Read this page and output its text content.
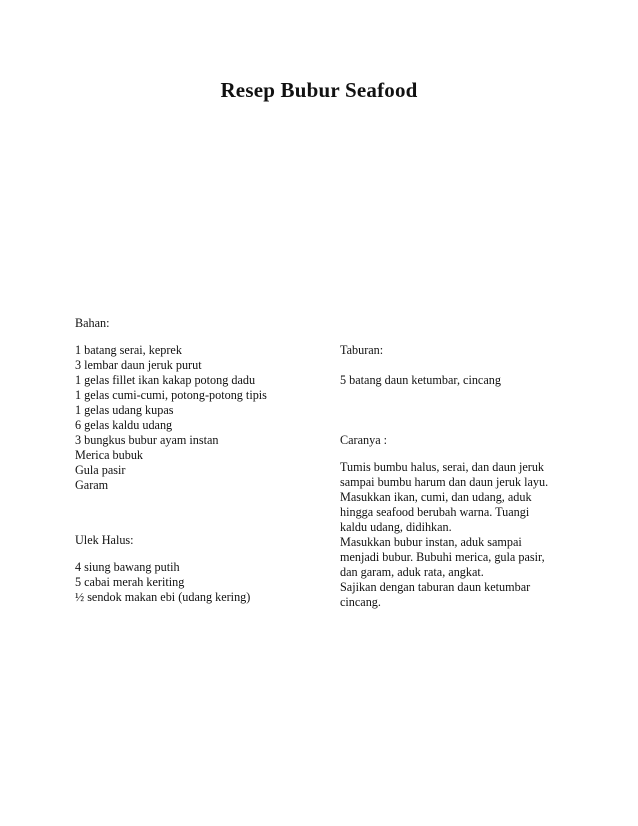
Resep Bubur Seafood
Bahan:
1 batang serai, keprek
3 lembar daun jeruk purut
1 gelas fillet ikan kakap potong dadu
1 gelas cumi-cumi, potong-potong tipis
1 gelas udang kupas
6 gelas kaldu udang
3 bungkus bubur ayam instan
Merica bubuk
Gula pasir
Garam
Ulek Halus:
4 siung bawang putih
5 cabai merah keriting
½ sendok makan ebi (udang kering)
Taburan:
5 batang daun ketumbar, cincang
Caranya :
Tumis bumbu halus, serai, dan daun jeruk
sampai bumbu harum dan daun jeruk layu.
Masukkan ikan, cumi, dan udang, aduk
hingga seafood berubah warna. Tuangi
kaldu udang, didihkan.
Masukkan bubur instan, aduk sampai
menjadi bubur. Bubuhi merica, gula pasir,
dan garam, aduk rata, angkat.
Sajikan dengan taburan daun ketumbar
cincang.
